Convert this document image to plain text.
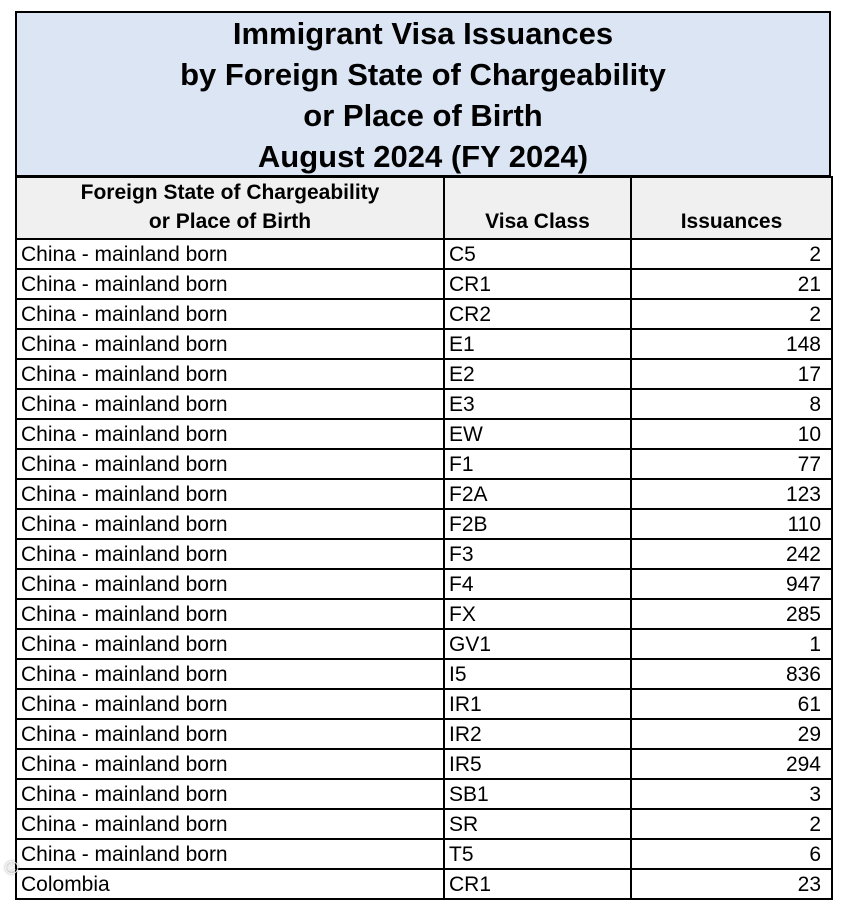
Immigrant Visa Issuances
by Foreign State of Chargeability
or Place of Birth
August 2024 (FY 2024)
Foreign State of Chargeability
or Place of Birth	Visa Class	Issuances
China - mainland born	C5	2
China - mainland born	CR1	21
China - mainland born	CR2	2
China - mainland born	E1	148
China - mainland born	E2	17
China - mainland born	E3	8
China - mainland born	EW	10
China - mainland born	F1	77
China - mainland born	F2A	123
China - mainland born	F2B	110
China - mainland born	F3	242
China - mainland born	F4	947
China - mainland born	FX	285
China - mainland born	GV1	1
China - mainland born	I5	836
China - mainland born	IR1	61
China - mainland born	IR2	29
China - mainland born	IR5	294
China - mainland born	SB1	3
China - mainland born	SR	2
China - mainland born	T5	6
Colombia	CR1	23
☺
